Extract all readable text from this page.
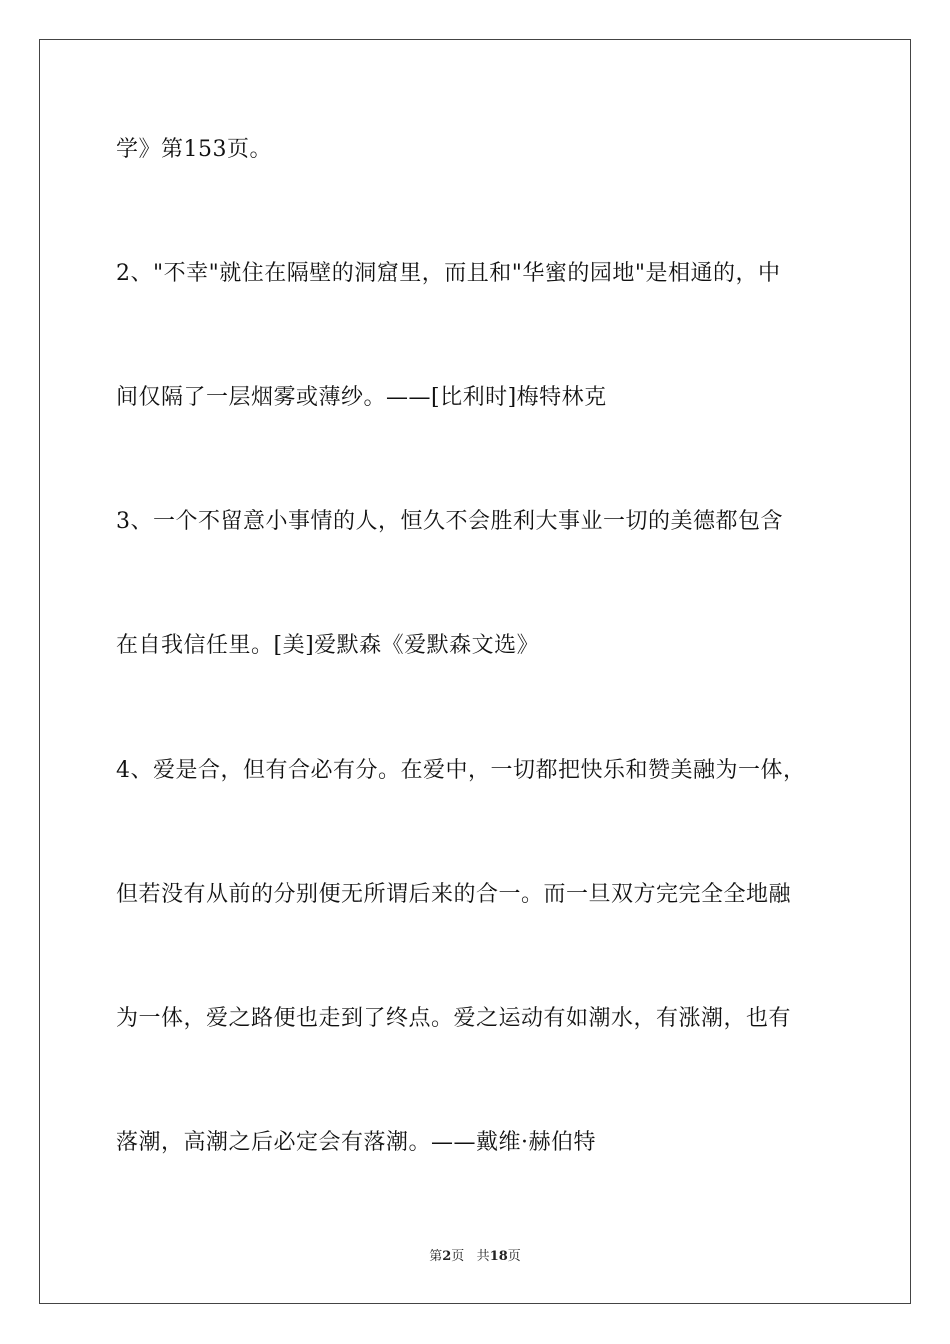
学》第153页。

2、"不幸"就住在隔壁的洞窟里，而且和"华蜜的园地"是相通的，中

间仅隔了一层烟雾或薄纱。——[比利时]梅特林克

3、一个不留意小事情的人，恒久不会胜利大事业一切的美德都包含

在自我信任里。[美]爱默森《爱默森文选》

4、爱是合，但有合必有分。在爱中，一切都把快乐和赞美融为一体，

但若没有从前的分别便无所谓后来的合一。而一旦双方完完全全地融

为一体，爱之路便也走到了终点。爱之运动有如潮水，有涨潮，也有

落潮，高潮之后必定会有落潮。——戴维·赫伯特

第2页 共18页
